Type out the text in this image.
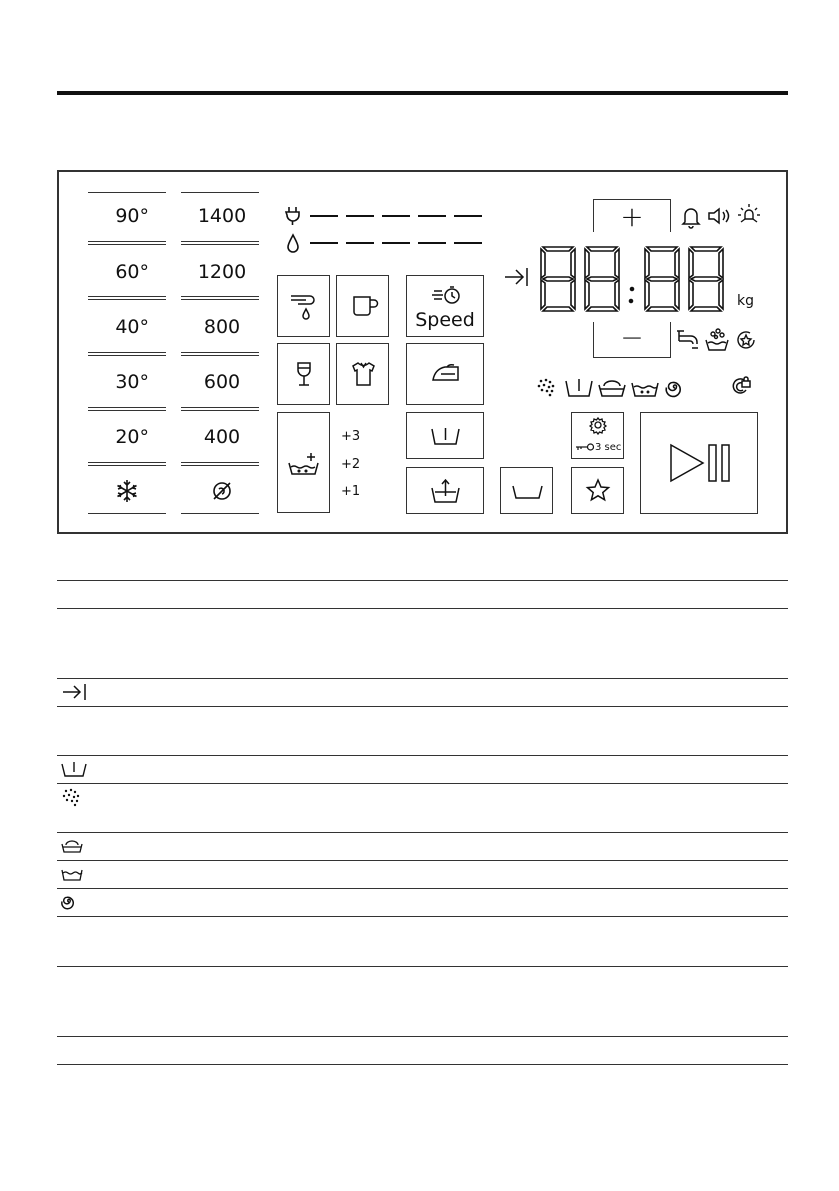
90°
60°
40°
30°
20°
1400
1200
800
600
400	+3
+2
+1
Speed
+
kg
−
3 sec
